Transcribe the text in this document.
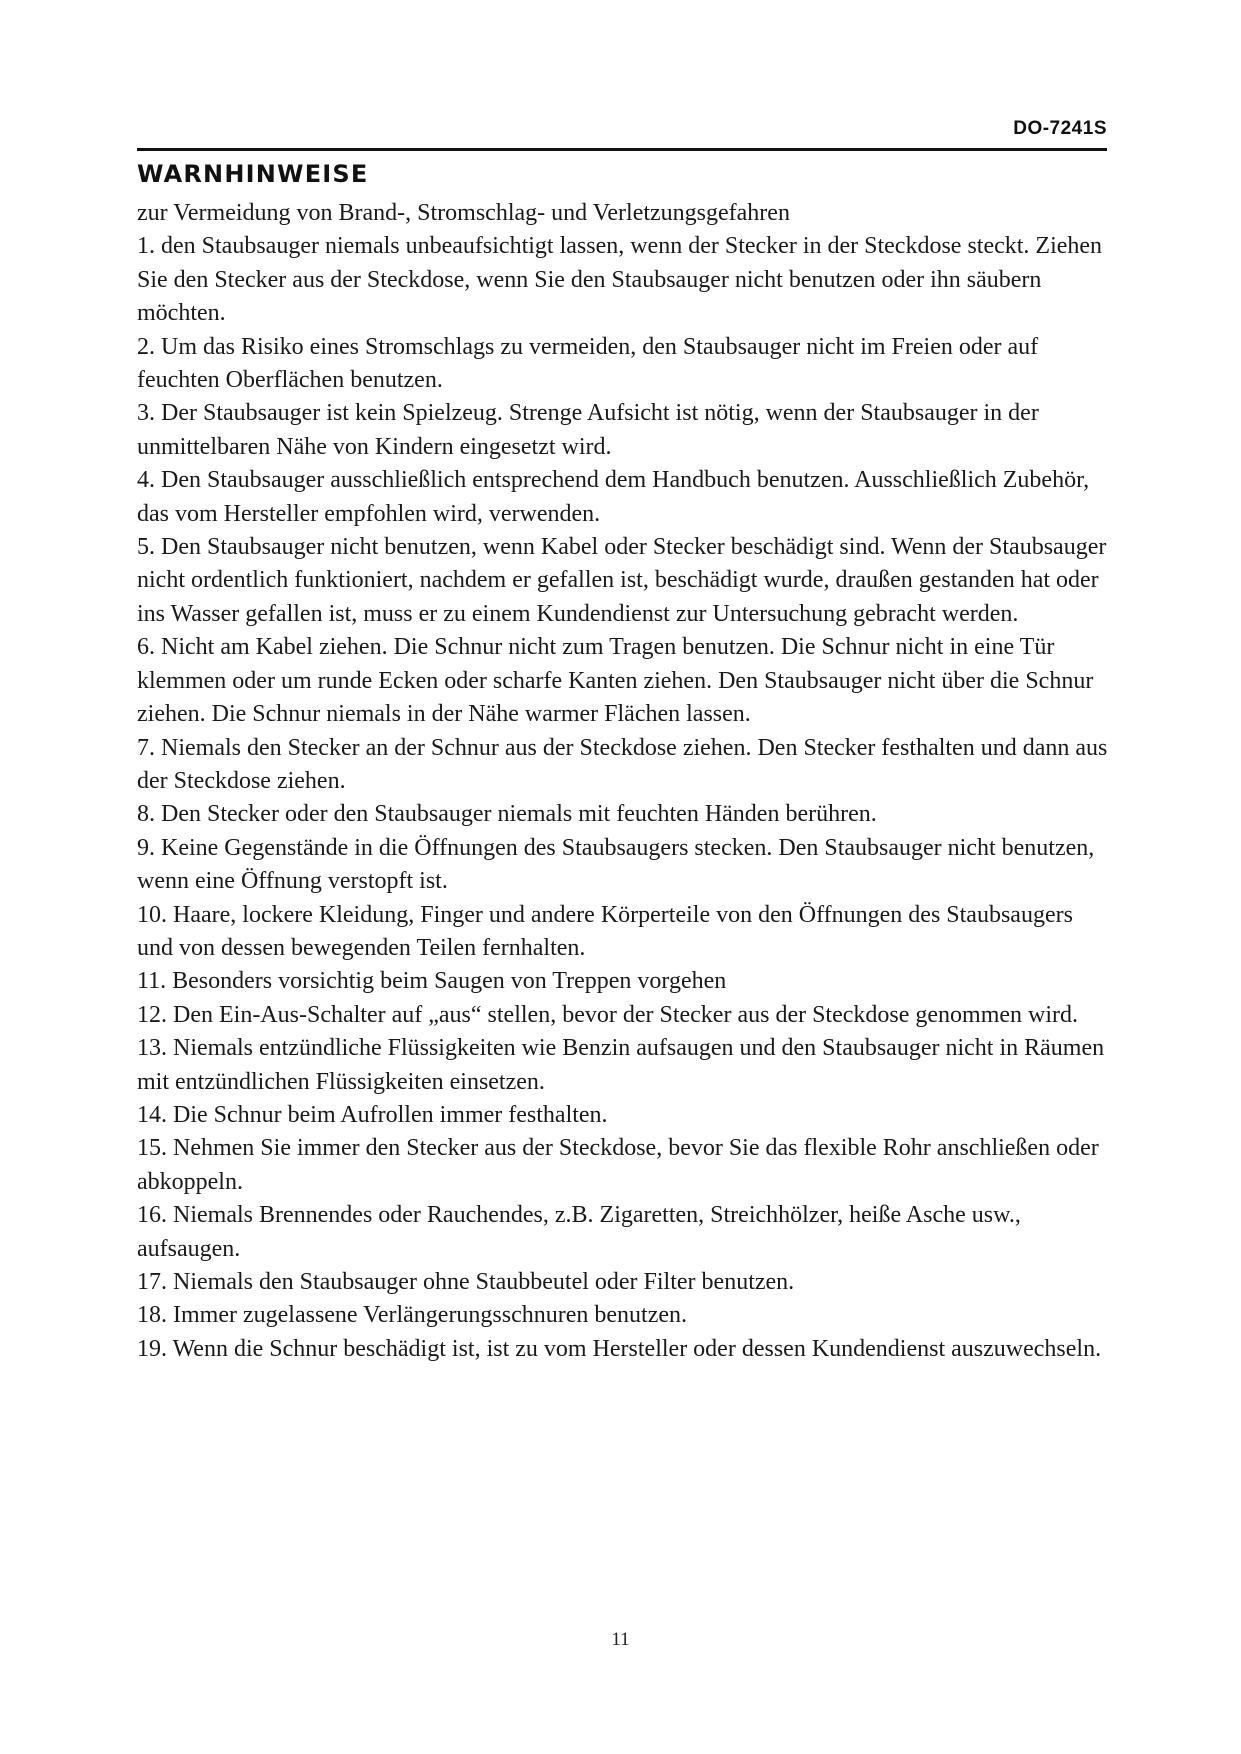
DO-7241S
WARNHINWEISE

zur Vermeidung von Brand-, Stromschlag- und Verletzungsgefahren

1. den Staubsauger niemals unbeaufsichtigt lassen, wenn der Stecker in der Steckdose steckt. Ziehen Sie den Stecker aus der Steckdose, wenn Sie den Staubsauger nicht benutzen oder ihn säubern möchten.

2. Um das Risiko eines Stromschlags zu vermeiden, den Staubsauger nicht im Freien oder auf feuchten Oberflächen benutzen.

3. Der Staubsauger ist kein Spielzeug. Strenge Aufsicht ist nötig, wenn der Staubsauger in der unmittelbaren Nähe von Kindern eingesetzt wird.

4. Den Staubsauger ausschließlich entsprechend dem Handbuch benutzen. Ausschließlich Zubehör, das vom Hersteller empfohlen wird, verwenden.

5. Den Staubsauger nicht benutzen, wenn Kabel oder Stecker beschädigt sind. Wenn der Staubsauger nicht ordentlich funktioniert, nachdem er gefallen ist, beschädigt wurde, draußen gestanden hat oder ins Wasser gefallen ist, muss er zu einem Kundendienst zur Untersuchung gebracht werden.

6. Nicht am Kabel ziehen. Die Schnur nicht zum Tragen benutzen. Die Schnur nicht in eine Tür klemmen oder um runde Ecken oder scharfe Kanten ziehen. Den Staubsauger nicht über die Schnur ziehen. Die Schnur niemals in der Nähe warmer Flächen lassen.

7. Niemals den Stecker an der Schnur aus der Steckdose ziehen. Den Stecker festhalten und dann aus der Steckdose ziehen.

8. Den Stecker oder den Staubsauger niemals mit feuchten Händen berühren.

9. Keine Gegenstände in die Öffnungen des Staubsaugers stecken. Den Staubsauger nicht benutzen, wenn eine Öffnung verstopft ist.

10. Haare, lockere Kleidung, Finger und andere Körperteile von den Öffnungen des Staubsaugers und von dessen bewegenden Teilen fernhalten.

11. Besonders vorsichtig beim Saugen von Treppen vorgehen

12. Den Ein-Aus-Schalter auf „aus“ stellen, bevor der Stecker aus der Steckdose genommen wird.

13. Niemals entzündliche Flüssigkeiten wie Benzin aufsaugen und den Staubsauger nicht in Räumen mit entzündlichen Flüssigkeiten einsetzen.

14. Die Schnur beim Aufrollen immer festhalten.

15. Nehmen Sie immer den Stecker aus der Steckdose, bevor Sie das flexible Rohr anschließen oder abkoppeln.

16. Niemals Brennendes oder Rauchendes, z.B. Zigaretten, Streichhölzer, heiße Asche usw., aufsaugen.

17. Niemals den Staubsauger ohne Staubbeutel oder Filter benutzen.

18. Immer zugelassene Verlängerungsschnuren benutzen.

19. Wenn die Schnur beschädigt ist, ist zu vom Hersteller oder dessen Kundendienst auszuwechseln.

11
